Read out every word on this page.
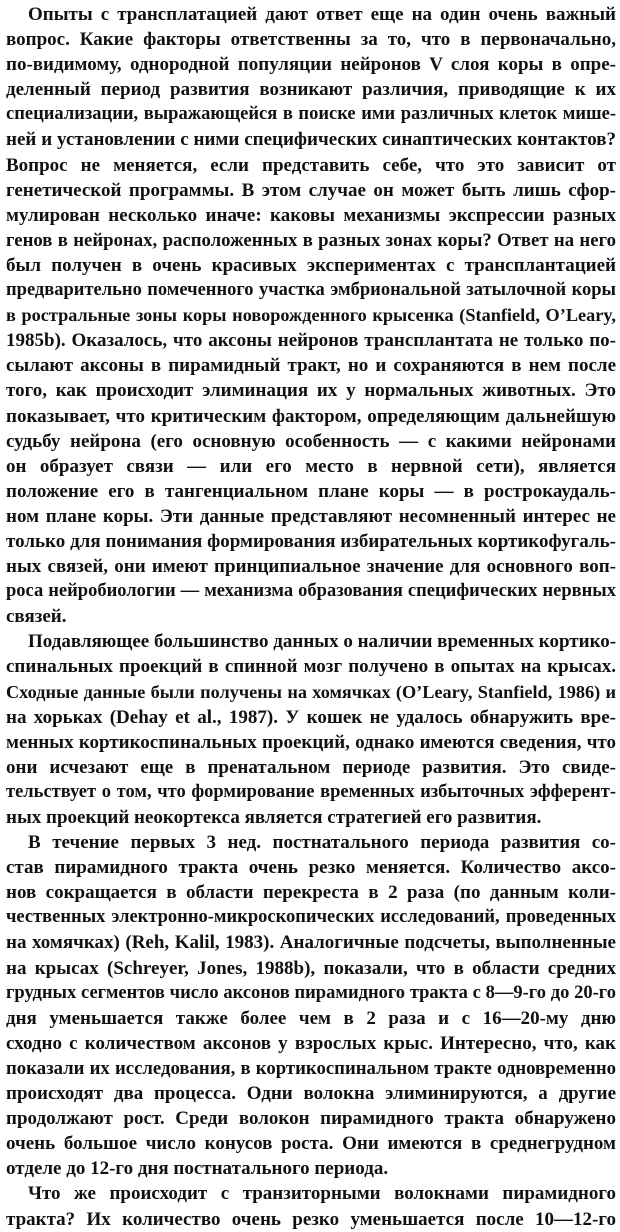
Опыты с трансплатацией дают ответ еще на один очень важный
вопрос. Какие факторы ответственны за то, что в первоначально,
по-видимому, однородной популяции нейронов V слоя коры в опре-
деленный период развития возникают различия, приводящие к их
специализации, выражающейся в поиске ими различных клеток мише-
ней и установлении с ними специфических синаптических контактов?
Вопрос не меняется, если представить себе, что это зависит от
генетической программы. В этом случае он может быть лишь сфор-
мулирован несколько иначе: каковы механизмы экспрессии разных
генов в нейронах, расположенных в разных зонах коры? Ответ на него
был получен в очень красивых экспериментах с трансплантацией
предварительно помеченного участка эмбриональной затылочной коры
в ростральные зоны коры новорожденного крысенка (Stanfield, O’Leary,
1985b). Оказалось, что аксоны нейронов трансплантата не только по-
сылают аксоны в пирамидный тракт, но и сохраняются в нем после
того, как происходит элиминация их у нормальных животных. Это
показывает, что критическим фактором, определяющим дальнейшую
судьбу нейрона (его основную особенность — с какими нейронами
он образует связи — или его место в нервной сети), является
положение его в тангенциальном плане коры — в рострокаудаль-
ном плане коры. Эти данные представляют несомненный интерес не
только для понимания формирования избирательных кортикофугаль-
ных связей, они имеют принципиальное значение для основного воп-
роса нейробиологии — механизма образования специфических нервных
связей.
Подавляющее большинство данных о наличии временных кортико-
спинальных проекций в спинной мозг получено в опытах на крысах.
Сходные данные были получены на хомячках (O’Leary, Stanfield, 1986) и
на хорьках (Dehay et al., 1987). У кошек не удалось обнаружить вре-
менных кортикоспинальных проекций, однако имеются сведения, что
они исчезают еще в пренатальном периоде развития. Это свиде-
тельствует о том, что формирование временных избыточных эфферент-
ных проекций неокортекса является стратегией его развития.
В течение первых 3 нед. постнатального периода развития со-
став пирамидного тракта очень резко меняется. Количество аксо-
нов сокращается в области перекреста в 2 раза (по данным коли-
чественных электронно-микроскопических исследований, проведенных
на хомячках) (Reh, Kalil, 1983). Аналогичные подсчеты, выполненные
на крысах (Schreyer, Jones, 1988b), показали, что в области средних
грудных сегментов число аксонов пирамидного тракта с 8—9-го до 20-го
дня уменьшается также более чем в 2 раза и с 16—20-му дню
сходно с количеством аксонов у взрослых крыс. Интересно, что, как
показали их исследования, в кортикоспинальном тракте одновременно
происходят два процесса. Одни волокна элиминируются, а другие
продолжают рост. Среди волокон пирамидного тракта обнаружено
очень большое число конусов роста. Они имеются в среднегрудном
отделе до 12-го дня постнатального периода.
Что же происходит с транзиторными волокнами пирамидного
тракта? Их количество очень резко уменьшается после 10—12-го
